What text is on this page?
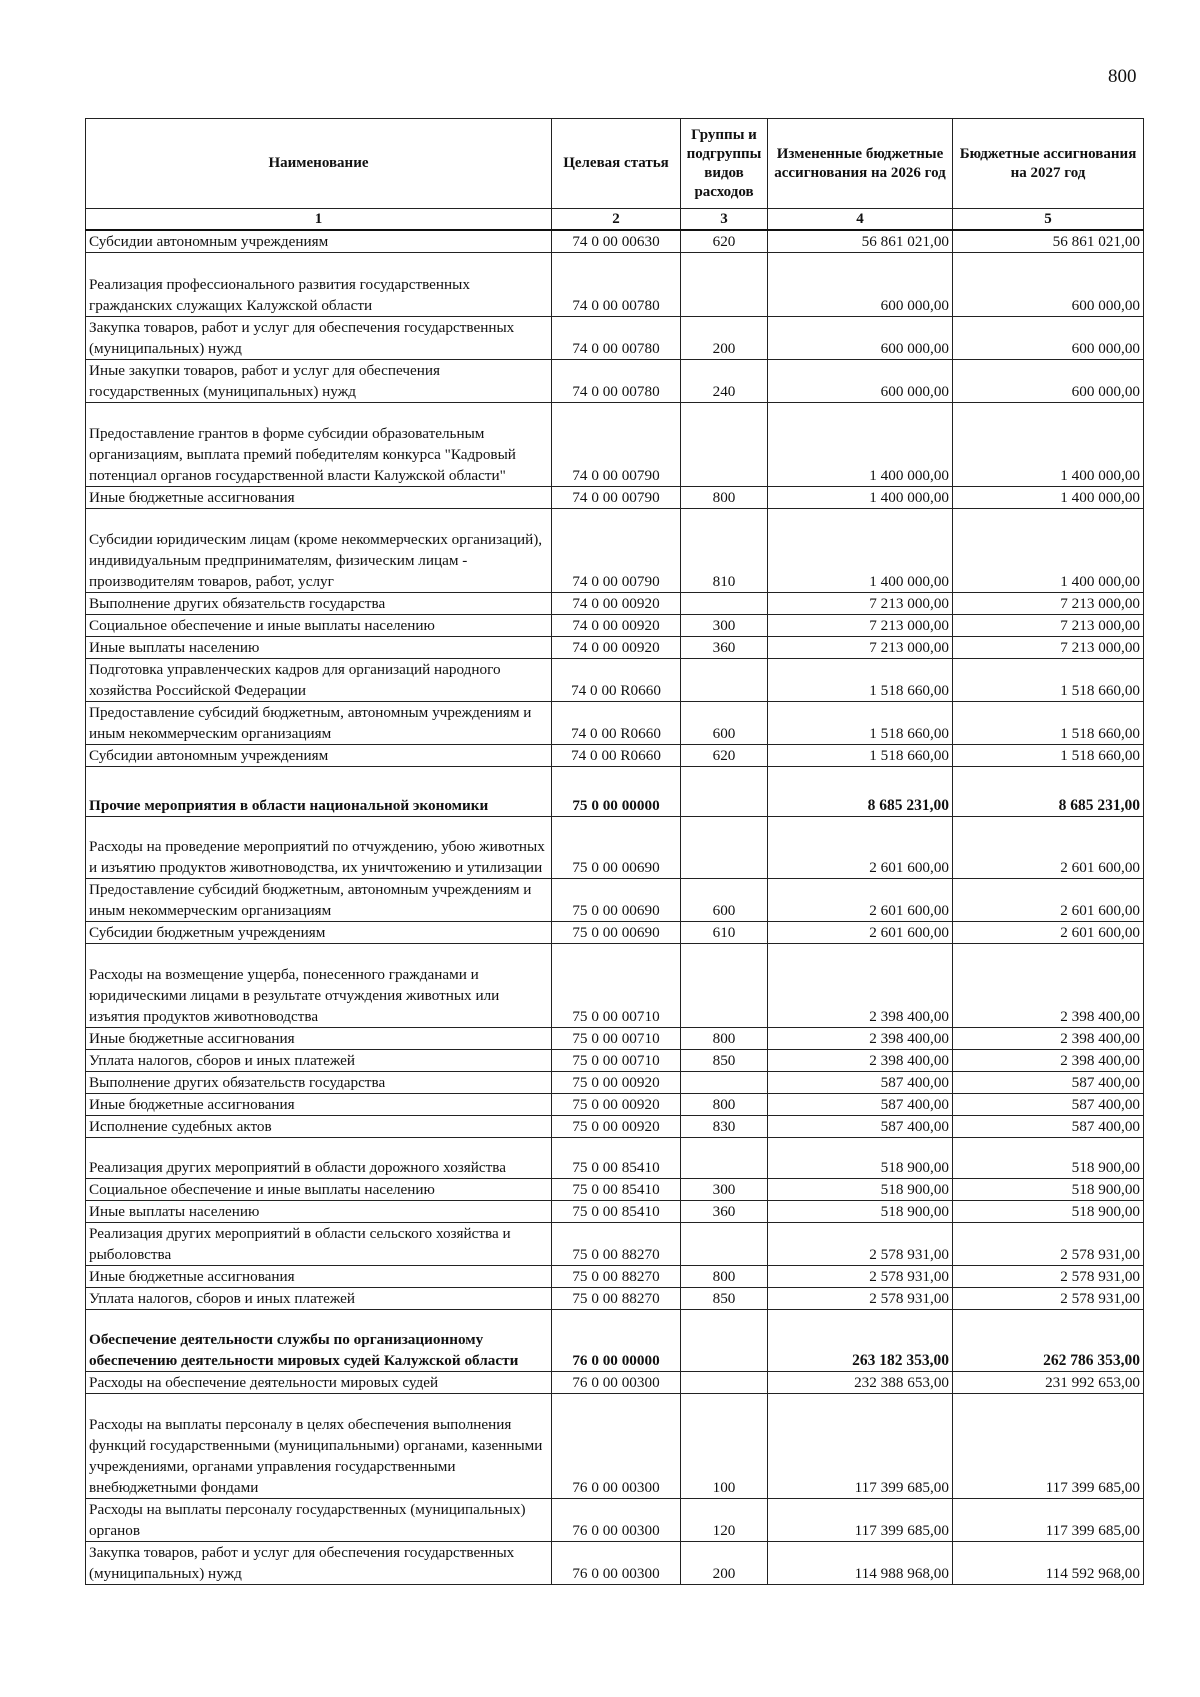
800
Наименование	Целевая статья	Группы и подгруппы видов расходов	Измененные бюджетные ассигнования на 2026 год	Бюджетные ассигнования на 2027 год
1	2	3	4	5
Субсидии автономным учреждениям	74 0 00 00630	620	56 861 021,00	56 861 021,00
Реализация профессионального развития государственных гражданских служащих Калужской области	74 0 00 00780		600 000,00	600 000,00
Закупка товаров, работ и услуг для обеспечения государственных (муниципальных) нужд	74 0 00 00780	200	600 000,00	600 000,00
Иные закупки товаров, работ и услуг для обеспечения государственных (муниципальных) нужд	74 0 00 00780	240	600 000,00	600 000,00
Предоставление грантов в форме субсидии образовательным организациям, выплата премий победителям конкурса "Кадровый потенциал органов государственной власти Калужской области"	74 0 00 00790		1 400 000,00	1 400 000,00
Иные бюджетные ассигнования	74 0 00 00790	800	1 400 000,00	1 400 000,00
Субсидии юридическим лицам (кроме некоммерческих организаций), индивидуальным предпринимателям, физическим лицам - производителям товаров, работ, услуг	74 0 00 00790	810	1 400 000,00	1 400 000,00
Выполнение других обязательств государства	74 0 00 00920		7 213 000,00	7 213 000,00
Социальное обеспечение и иные выплаты населению	74 0 00 00920	300	7 213 000,00	7 213 000,00
Иные выплаты населению	74 0 00 00920	360	7 213 000,00	7 213 000,00
Подготовка управленческих кадров для организаций народного хозяйства Российской Федерации	74 0 00 R0660		1 518 660,00	1 518 660,00
Предоставление субсидий бюджетным, автономным учреждениям и иным некоммерческим организациям	74 0 00 R0660	600	1 518 660,00	1 518 660,00
Субсидии автономным учреждениям	74 0 00 R0660	620	1 518 660,00	1 518 660,00
Прочие мероприятия в области национальной экономики	75 0 00 00000		8 685 231,00	8 685 231,00
Расходы на проведение мероприятий по отчуждению, убою животных и изъятию продуктов животноводства, их уничтожению и утилизации	75 0 00 00690		2 601 600,00	2 601 600,00
Предоставление субсидий бюджетным, автономным учреждениям и иным некоммерческим организациям	75 0 00 00690	600	2 601 600,00	2 601 600,00
Субсидии бюджетным учреждениям	75 0 00 00690	610	2 601 600,00	2 601 600,00
Расходы на возмещение ущерба, понесенного гражданами и юридическими лицами в результате отчуждения животных или изъятия продуктов животноводства	75 0 00 00710		2 398 400,00	2 398 400,00
Иные бюджетные ассигнования	75 0 00 00710	800	2 398 400,00	2 398 400,00
Уплата налогов, сборов и иных платежей	75 0 00 00710	850	2 398 400,00	2 398 400,00
Выполнение других обязательств государства	75 0 00 00920		587 400,00	587 400,00
Иные бюджетные ассигнования	75 0 00 00920	800	587 400,00	587 400,00
Исполнение судебных актов	75 0 00 00920	830	587 400,00	587 400,00
Реализация других мероприятий в области дорожного хозяйства	75 0 00 85410		518 900,00	518 900,00
Социальное обеспечение и иные выплаты населению	75 0 00 85410	300	518 900,00	518 900,00
Иные выплаты населению	75 0 00 85410	360	518 900,00	518 900,00
Реализация других мероприятий в области сельского хозяйства и рыболовства	75 0 00 88270		2 578 931,00	2 578 931,00
Иные бюджетные ассигнования	75 0 00 88270	800	2 578 931,00	2 578 931,00
Уплата налогов, сборов и иных платежей	75 0 00 88270	850	2 578 931,00	2 578 931,00
Обеспечение деятельности службы по организационному обеспечению деятельности мировых судей Калужской области	76 0 00 00000		263 182 353,00	262 786 353,00
Расходы на обеспечение деятельности мировых судей	76 0 00 00300		232 388 653,00	231 992 653,00
Расходы на выплаты персоналу в целях обеспечения выполнения функций государственными (муниципальными) органами, казенными учреждениями, органами управления государственными внебюджетными фондами	76 0 00 00300	100	117 399 685,00	117 399 685,00
Расходы на выплаты персоналу государственных (муниципальных) органов	76 0 00 00300	120	117 399 685,00	117 399 685,00
Закупка товаров, работ и услуг для обеспечения государственных (муниципальных) нужд	76 0 00 00300	200	114 988 968,00	114 592 968,00
